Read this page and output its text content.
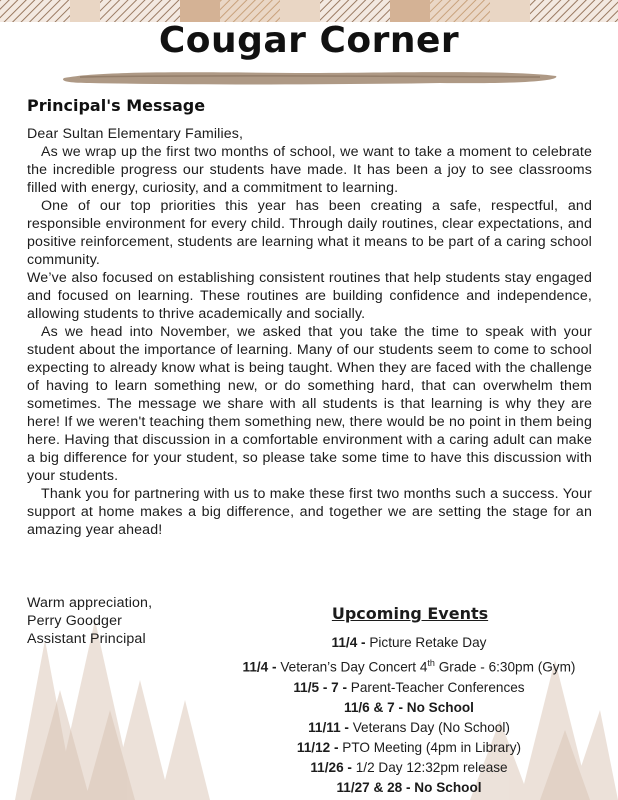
Cougar Corner
Principal's Message

Dear Sultan Elementary Families,

As we wrap up the first two months of school, we want to take a moment to celebrate the incredible progress our students have made. It has been a joy to see classrooms filled with energy, curiosity, and a commitment to learning.

One of our top priorities this year has been creating a safe, respectful, and responsible environment for every child. Through daily routines, clear expectations, and positive reinforcement, students are learning what it means to be part of a caring school community.

We’ve also focused on establishing consistent routines that help students stay engaged and focused on learning. These routines are building confidence and independence, allowing students to thrive academically and socially.

As we head into November, we asked that you take the time to speak with your student about the importance of learning. Many of our students seem to come to school expecting to already know what is being taught. When they are faced with the challenge of having to learn something new, or do something hard, that can overwhelm them sometimes. The message we share with all students is that learning is why they are here! If we weren't teaching them something new, there would be no point in them being here. Having that discussion in a comfortable environment with a caring adult can make a big difference for your student, so please take some time to have this discussion with your students.

Thank you for partnering with us to make these first two months such a success. Your support at home makes a big difference, and together we are setting the stage for an amazing year ahead!

Warm appreciation,
Perry Goodger
Assistant Principal
Upcoming Events
11/4 - Picture Retake Day
11/4 - Veteran’s Day Concert 4th Grade - 6:30pm (Gym)
11/5 - 7 - Parent-Teacher Conferences
11/6 & 7 - No School
11/11 - Veterans Day (No School)
11/12 - PTO Meeting (4pm in Library)
11/26 - 1/2 Day 12:32pm release
11/27 & 28 - No School
